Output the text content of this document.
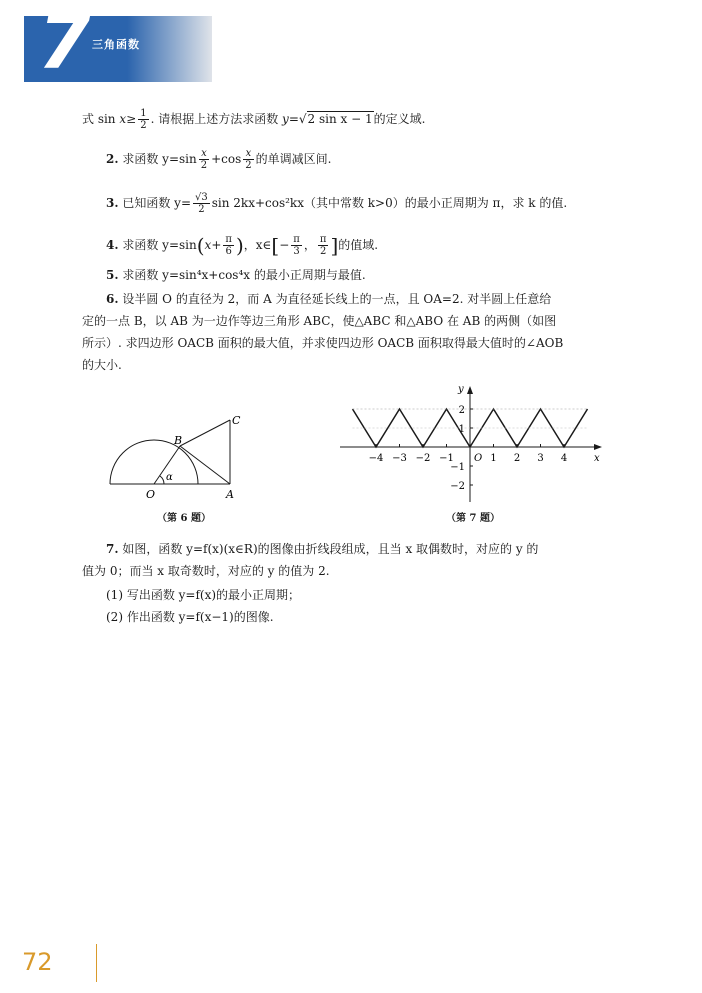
7 三角函数
式 $\sin x\ge \frac{1}{2}$ . 请根据上述方法求函数 y=√2 sin x − 1的定义域.
2. 求函数 $y=\sin \frac{x}{2} +\cos \frac{x}{2}$ 的单调减区间.
3. 已知函数 $y= \frac{√3}{2}$ sin 2kx+cos²kx（其中常数 k>0）的最小正周期为 π，求 k 的值.
4. 求函数 $y=\sin(x+ \frac{\pi}{6}$ )，x∈[− $\frac{\pi}{3}$ ， $\frac{\pi}{2}$ ]的值域.
5. 求函数 y=sin⁴x+cos⁴x 的最小正周期与最值.
6. 设半圆 O 的直径为 2，而 A 为直径延长线上的一点，且 OA=2. 对半圆上任意给
定的一点 B，以 AB 为一边作等边三角形 ABC，使△ABC 和△ABO 在 AB 的两侧（如图
所示）. 求四边形 OACB 面积的最大值，并求使四边形 OACB 面积取得最大值时的∠AOB
的大小.
O	A
B
C
α
（第 6 题）
−4 −3 −2 −1	1 2 3 4
2
1
−1
−2
O	x
y
（第 7 题）
7. 如图，函数 y=f(x)(x∈R)的图像由折线段组成，且当 x 取偶数时，对应的 y 的
值为 0；而当 x 取奇数时，对应的 y 的值为 2.
(1) 写出函数 y=f(x)的最小正周期；
(2) 作出函数 y=f(x−1)的图像.
72
